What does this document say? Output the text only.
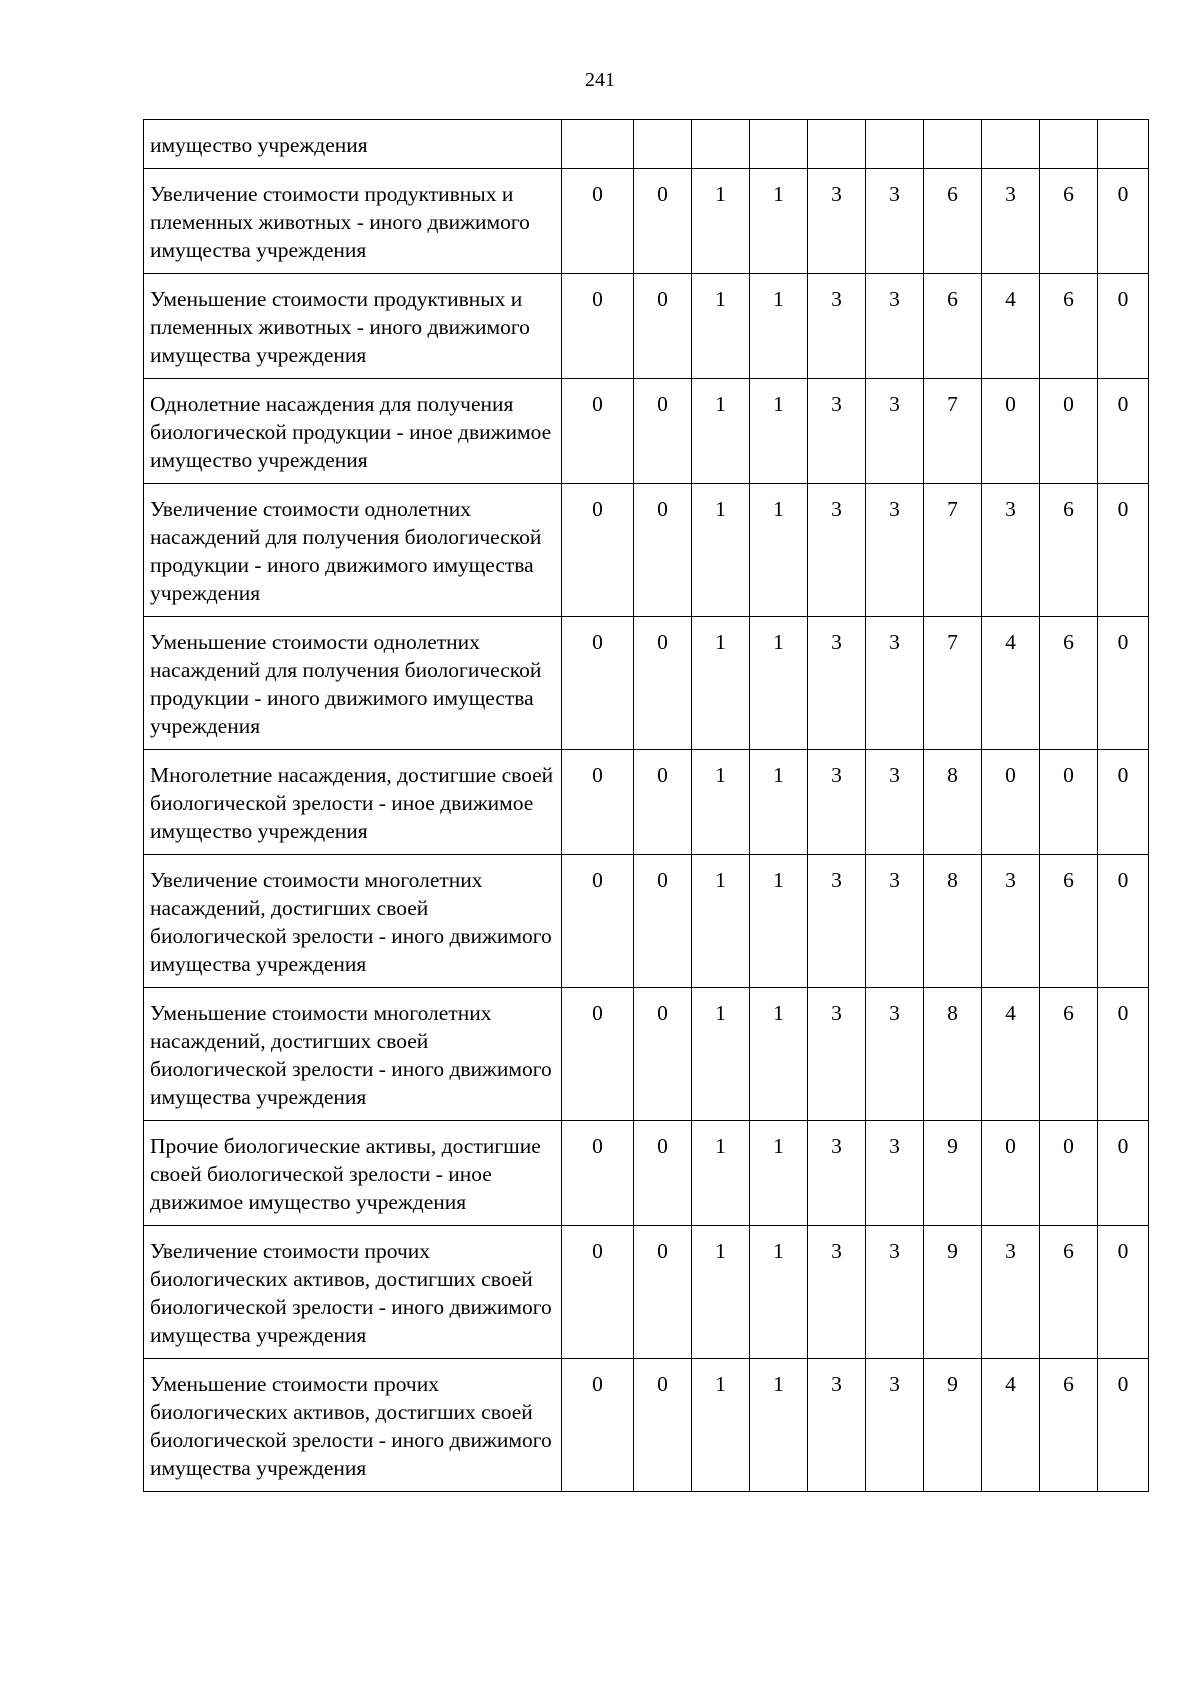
241
имущество учреждения										
Увеличение стоимости продуктивных и племенных животных - иного движимого имущества учреждения	0	0	1	1	3	3	6	3	6	0
Уменьшение стоимости продуктивных и племенных животных - иного движимого имущества учреждения	0	0	1	1	3	3	6	4	6	0
Однолетние насаждения для получения биологической продукции - иное движимое имущество учреждения	0	0	1	1	3	3	7	0	0	0
Увеличение стоимости однолетних насаждений для получения биологической продукции - иного движимого имущества учреждения	0	0	1	1	3	3	7	3	6	0
Уменьшение стоимости однолетних насаждений для получения биологической продукции - иного движимого имущества учреждения	0	0	1	1	3	3	7	4	6	0
Многолетние насаждения, достигшие своей биологической зрелости - иное движимое имущество учреждения	0	0	1	1	3	3	8	0	0	0
Увеличение стоимости многолетних насаждений, достигших своей биологической зрелости - иного движимого имущества учреждения	0	0	1	1	3	3	8	3	6	0
Уменьшение стоимости многолетних насаждений, достигших своей биологической зрелости - иного движимого имущества учреждения	0	0	1	1	3	3	8	4	6	0
Прочие биологические активы, достигшие своей биологической зрелости - иное движимое имущество учреждения	0	0	1	1	3	3	9	0	0	0
Увеличение стоимости прочих биологических активов, достигших своей биологической зрелости - иного движимого имущества учреждения	0	0	1	1	3	3	9	3	6	0
Уменьшение стоимости прочих биологических активов, достигших своей биологической зрелости - иного движимого имущества учреждения	0	0	1	1	3	3	9	4	6	0
